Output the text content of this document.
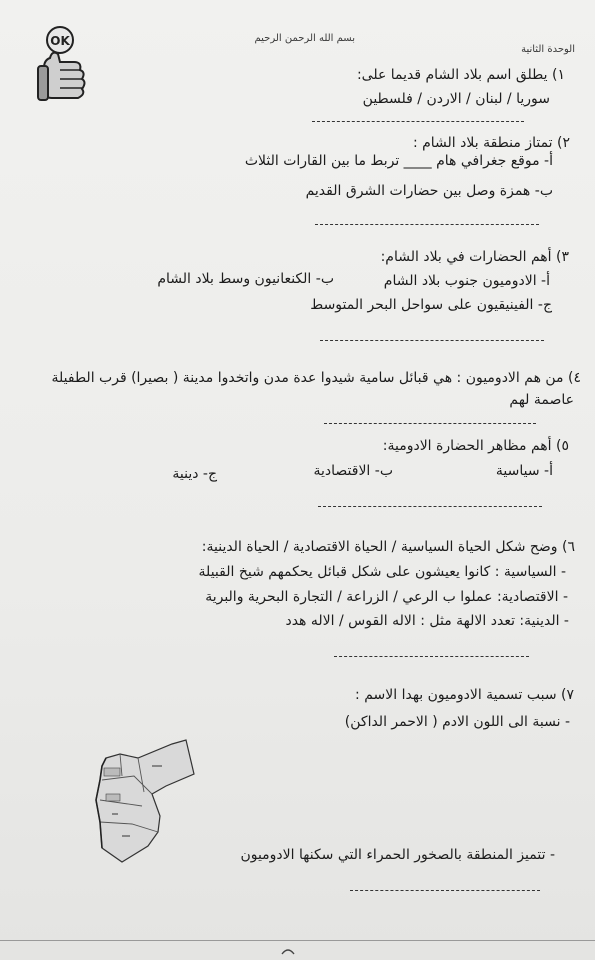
OK	بسم الله الرحمن الرحيم
الوحدة الثانية
١) يطلق اسم بلاد الشام قديما على:
سوريا / لبنان / الاردن / فلسطين
٢) تمتاز منطقة بلاد الشام :
أ- موقع جغرافي هام ____ تربط ما بين القارات الثلاث
ب- همزة وصل بين حضارات الشرق القديم
٣) أهم الحضارات في بلاد الشام:
أ- الادوميون جنوب بلاد الشام
ب- الكنعانيون وسط بلاد الشام
ج- الفينيقيون على سواحل البحر المتوسط
٤) من هم الادوميون : هي قبائل سامية شيدوا عدة مدن واتخدوا مدينة ( بصيرا) قرب الطفيلة
عاصمة لهم
٥) أهم مظاهر الحضارة الادومية:
أ- سياسية
ب- الاقتصادية
ج- دينية
٦) وضح شكل الحياة السياسية / الحياة الاقتصادية / الحياة الدينية:
- السياسية : كانوا يعيشون على شكل قبائل يحكمهم شيخ القبيلة
- الاقتصادية: عملوا ب الرعي / الزراعة / التجارة البحرية والبرية
- الدينية: تعدد الالهة مثل : الاله القوس / الاله هدد
٧) سبب تسمية الادوميون بهدا الاسم :
- نسبة الى اللون الادم ( الاحمر الداكن)
- تتميز المنطقة بالصخور الحمراء التي سكنها الادوميون
